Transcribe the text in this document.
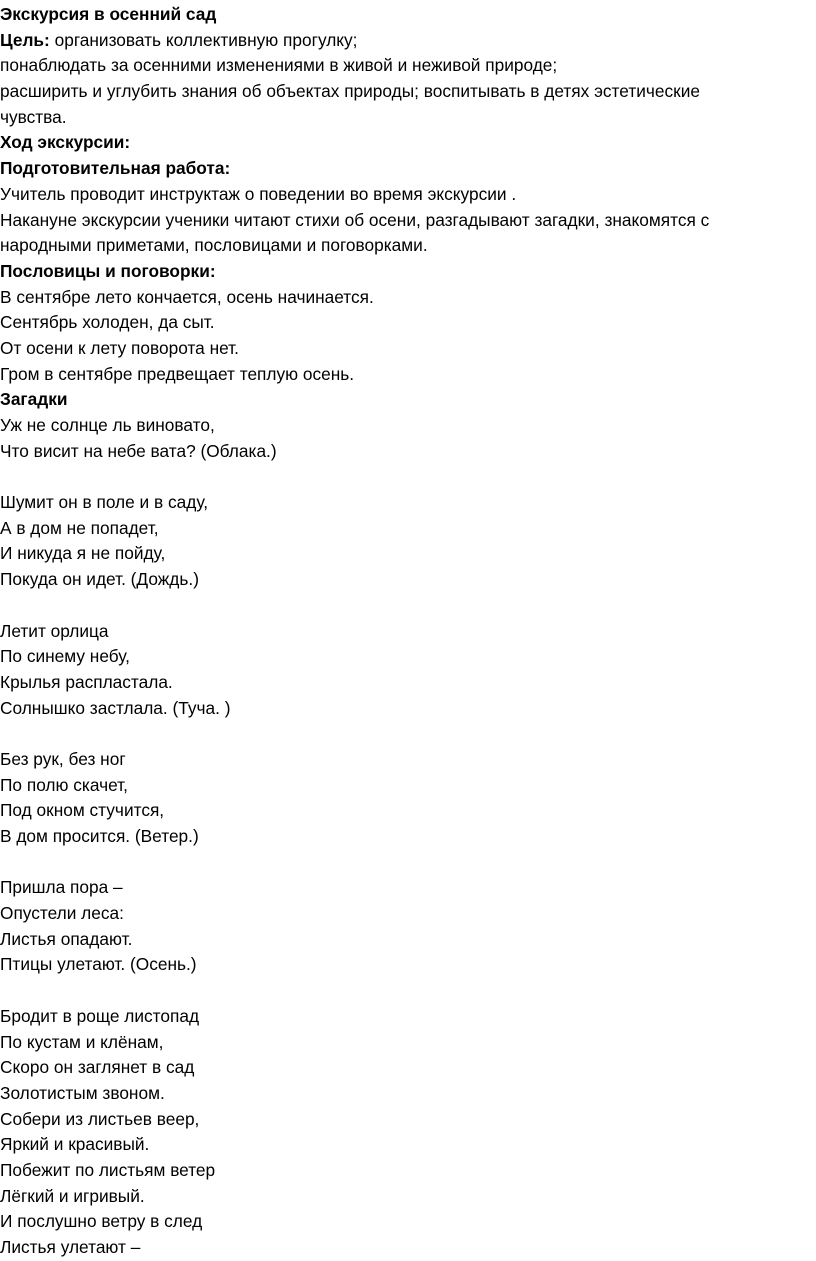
Экскурсия в осенний сад
Цель: организовать коллективную прогулку;
понаблюдать за осенними изменениями в живой и неживой природе;
расширить и углубить знания об объектах природы; воспитывать в детях эстетические
чувства.
Ход экскурсии:
Подготовительная работа:
Учитель проводит инструктаж о поведении во время экскурсии .
Накануне экскурсии ученики читают стихи об осени, разгадывают загадки, знакомятся с
народными приметами, пословицами и поговорками.
Пословицы и поговорки:
В сентябре лето кончается, осень начинается.
Сентябрь холоден, да сыт.
От осени к лету поворота нет.
Гром в сентябре предвещает теплую осень.
Загадки
Уж не солнце ль виновато,
Что висит на небе вата? (Облака.)
Шумит он в поле и в саду,
А в дом не попадет,
И никуда я не пойду,
Покуда он идет. (Дождь.)
Летит орлица
По синему небу,
Крылья распластала.
Солнышко застлала. (Туча. )
Без рук, без ног
По полю скачет,
Под окном стучится,
В дом просится. (Ветер.)
Пришла пора –
Опустели леса:
Листья опадают.
Птицы улетают. (Осень.)
Бродит в роще листопад
По кустам и клёнам,
Скоро он заглянет в сад
Золотистым звоном.
Собери из листьев веер,
Яркий и красивый.
Побежит по листьям ветер
Лёгкий и игривый.
И послушно ветру в след
Листья улетают –
